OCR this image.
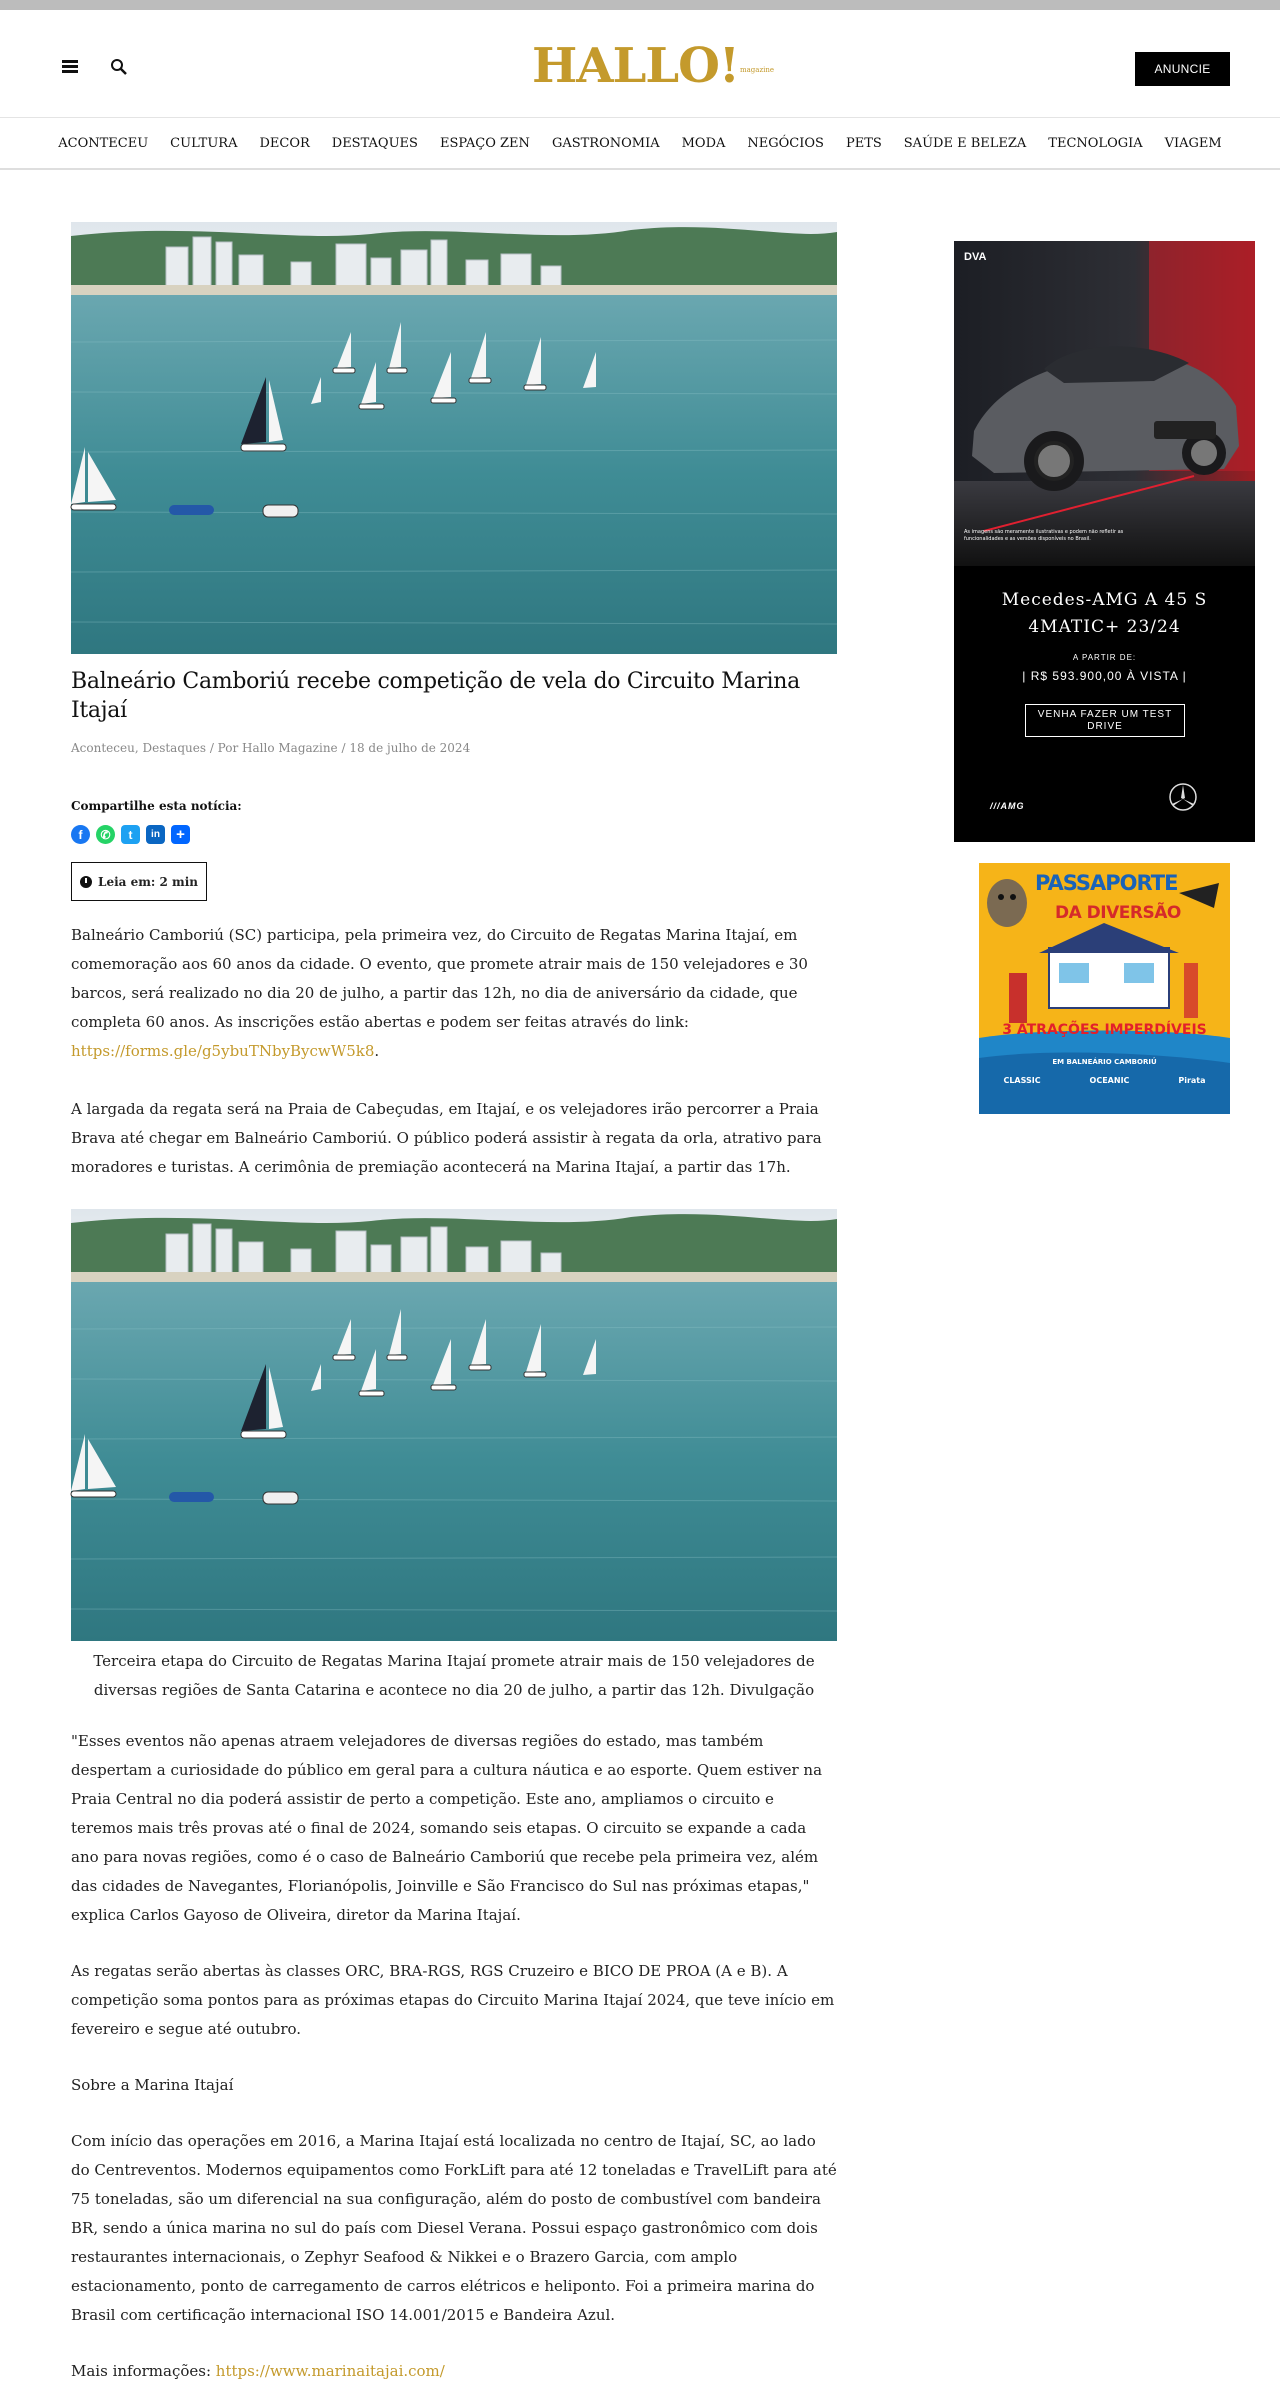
HALLO!magazine	ANUNCIE
ACONTECEU CULTURA DECOR DESTAQUES ESPAÇO ZEN GASTRONOMIA MODA NEGÓCIOS PETS SAÚDE E BELEZA TECNOLOGIA VIAGEM
Balneário Camboriú recebe competição de vela do Circuito Marina Itajaí
Aconteceu, Destaques / Por Hallo Magazine / 18 de julho de 2024
Compartilhe esta notícia:
f	✆	t	in	+
Leia em: 2 min

Balneário Camboriú (SC) participa, pela primeira vez, do Circuito de Regatas Marina Itajaí, em comemoração aos 60 anos da cidade. O evento, que promete atrair mais de 150 velejadores e 30 barcos, será realizado no dia 20 de julho, a partir das 12h, no dia de aniversário da cidade, que completa 60 anos. As inscrições estão abertas e podem ser feitas através do link: https://forms.gle/g5ybuTNbyBycwW5k8.

A largada da regata será na Praia de Cabeçudas, em Itajaí, e os velejadores irão percorrer a Praia Brava até chegar em Balneário Camboriú. O público poderá assistir à regata da orla, atrativo para moradores e turistas. A cerimônia de premiação acontecerá na Marina Itajaí, a partir das 17h.

Terceira etapa do Circuito de Regatas Marina Itajaí promete atrair mais de 150 velejadores de diversas regiões de Santa Catarina e acontece no dia 20 de julho, a partir das 12h. Divulgação

"Esses eventos não apenas atraem velejadores de diversas regiões do estado, mas também despertam a curiosidade do público em geral para a cultura náutica e ao esporte. Quem estiver na Praia Central no dia poderá assistir de perto a competição. Este ano, ampliamos o circuito e teremos mais três provas até o final de 2024, somando seis etapas. O circuito se expande a cada ano para novas regiões, como é o caso de Balneário Camboriú que recebe pela primeira vez, além das cidades de Navegantes, Florianópolis, Joinville e São Francisco do Sul nas próximas etapas," explica Carlos Gayoso de Oliveira, diretor da Marina Itajaí.

As regatas serão abertas às classes ORC, BRA-RGS, RGS Cruzeiro e BICO DE PROA (A e B). A competição soma pontos para as próximas etapas do Circuito Marina Itajaí 2024, que teve início em fevereiro e segue até outubro.

Sobre a Marina Itajaí

Com início das operações em 2016, a Marina Itajaí está localizada no centro de Itajaí, SC, ao lado do Centreventos. Modernos equipamentos como ForkLift para até 12 toneladas e TravelLift para até 75 toneladas, são um diferencial na sua configuração, além do posto de combustível com bandeira BR, sendo a única marina no sul do país com Diesel Verana. Possui espaço gastronômico com dois restaurantes internacionais, o Zephyr Seafood & Nikkei e o Brazero Garcia, com amplo estacionamento, ponto de carregamento de carros elétricos e heliponto. Foi a primeira marina do Brasil com certificação internacional ISO 14.001/2015 e Bandeira Azul.

Mais informações: https://www.marinaitajai.com/

As imagens são meramente ilustrativas e podem não refletir as
funcionalidades e as versões disponíveis no Brasil.
DVA
Mecedes-AMG A 45 S 4MATIC+ 23/24
A PARTIR DE:
| R$ 593.900,00 À VISTA |
VENHA FAZER UM TEST DRIVE
///AMG
PASSAPORTE
DA DIVERSÃO
3 ATRAÇÕES IMPERDÍVEIS
EM BALNEÁRIO CAMBORIÚ
CLASSIC	OCEANIC	Pirata
